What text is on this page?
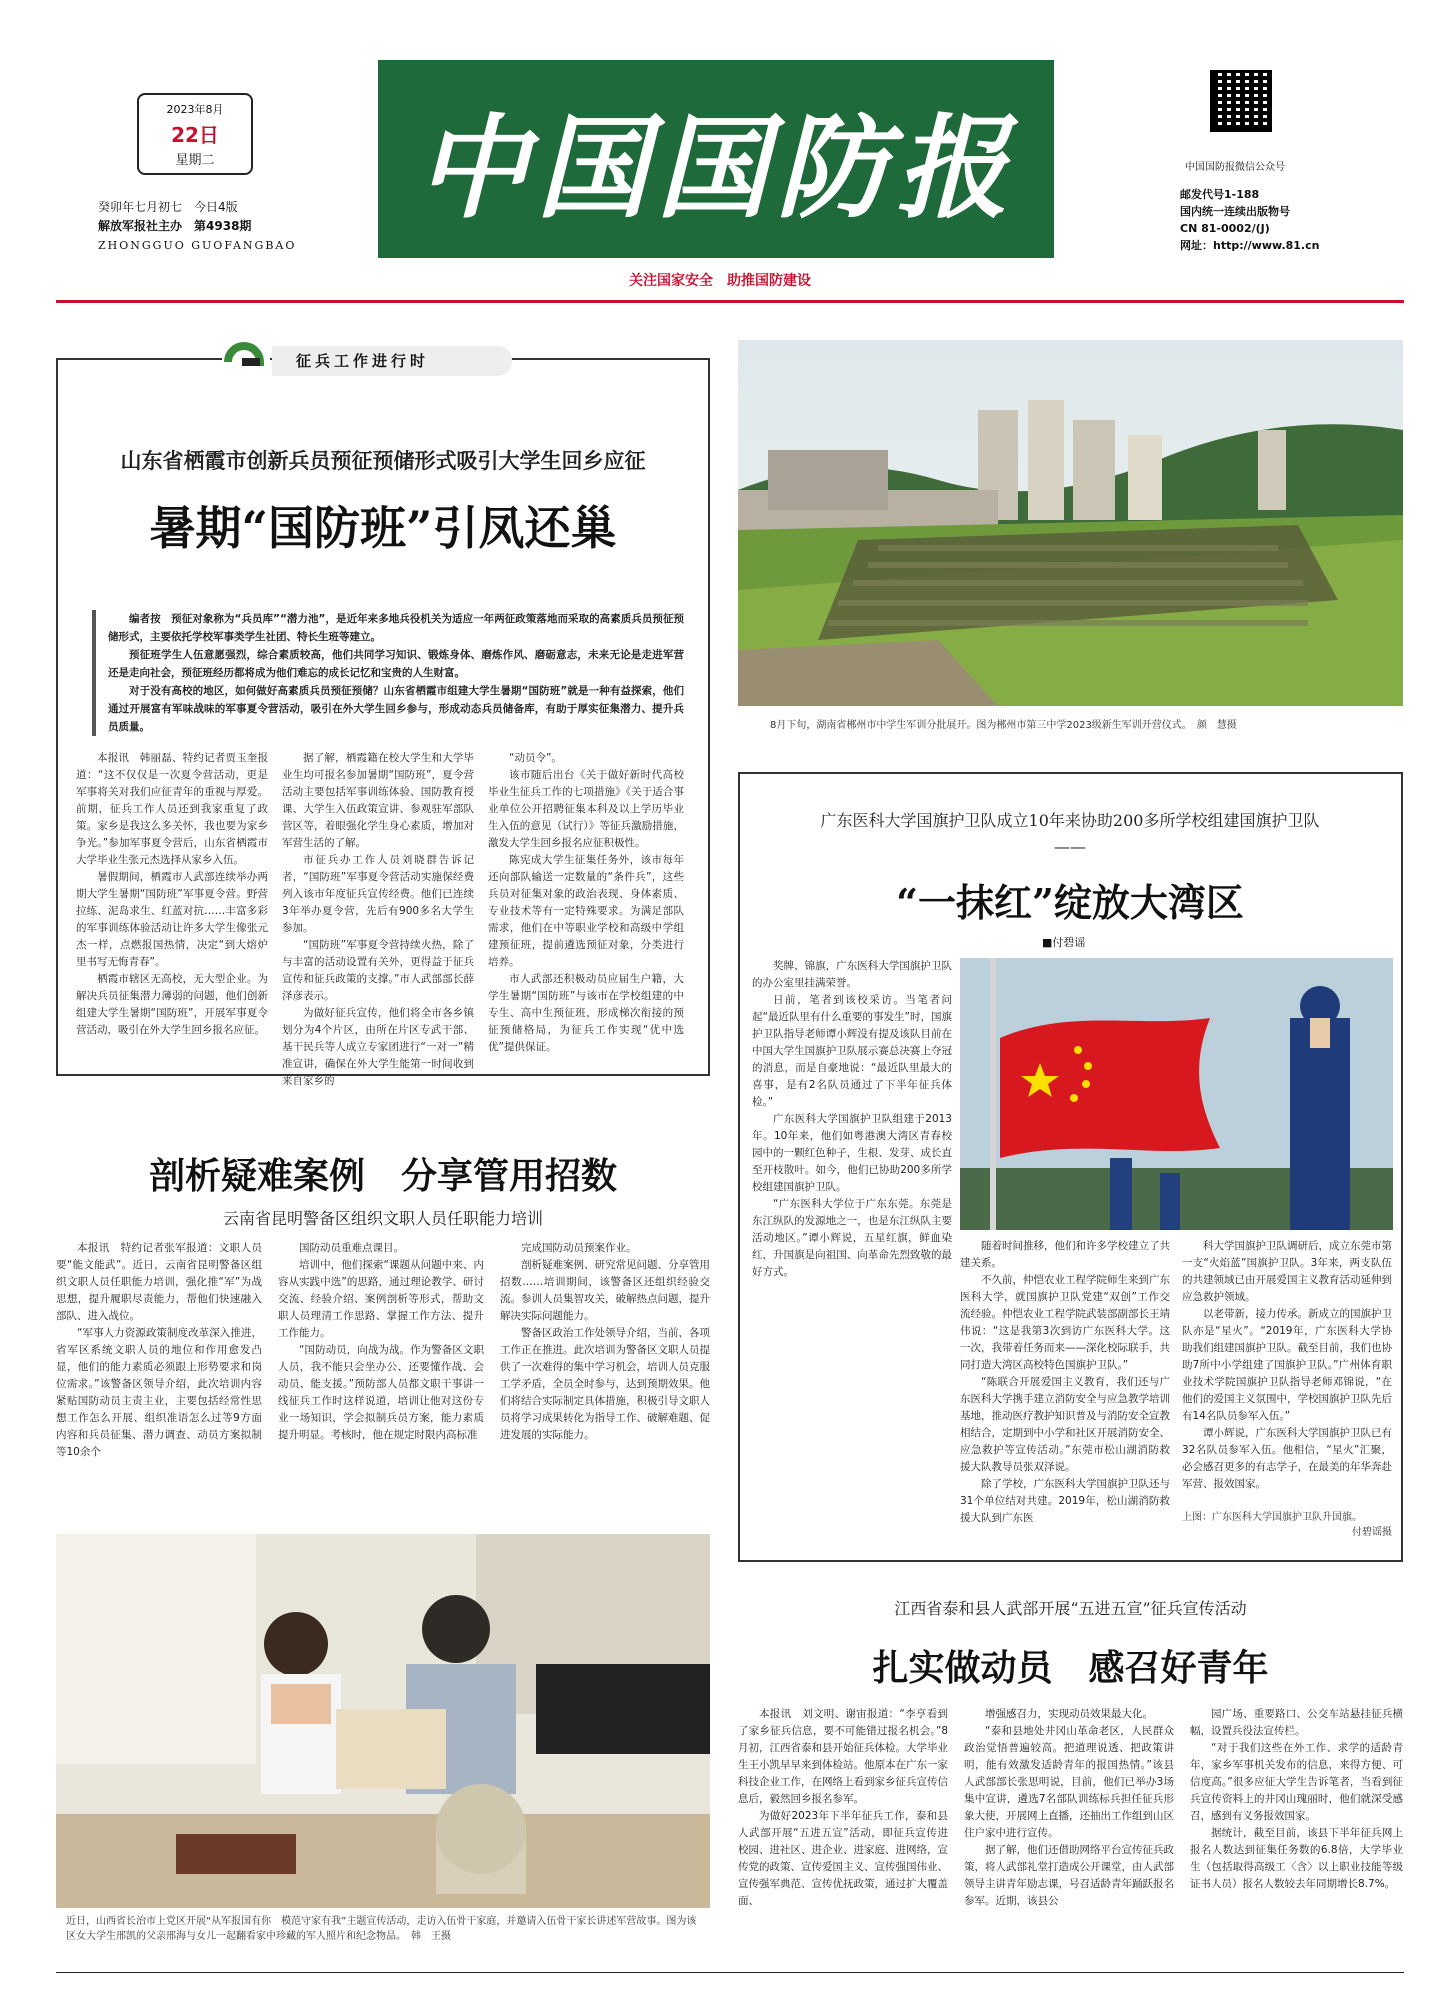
2023年8月
22日
星期二
癸卯年七月初七　 今日4版
解放军报社主办　 第4938期
ZHONGGUO GUOFANGBAO
中国国防报
关注国家安全　助推国防建设
中国国防报微信公众号
邮发代号1-188
国内统一连续出版物号
CN 81-0002/(J)
网址：http://www.81.cn
征兵工作进行时
山东省栖霞市创新兵员预征预储形式吸引大学生回乡应征
暑期“国防班”引凤还巢

编者按　预征对象称为“兵员库”“潜力池”，是近年来多地兵役机关为适应一年两征政策落地而采取的高素质兵员预征预储形式，主要依托学校军事类学生社团、特长生班等建立。

预征班学生人伍意愿强烈，综合素质较高，他们共同学习知识、锻炼身体、磨炼作风、磨砺意志，未来无论是走进军营还是走向社会，预征班经历都将成为他们难忘的成长记忆和宝贵的人生财富。

对于没有高校的地区，如何做好高素质兵员预征预储？山东省栖霞市组建大学生暑期“国防班”就是一种有益探索，他们通过开展富有军味战味的军事夏令营活动，吸引在外大学生回乡参与，形成动态兵员储备库，有助于厚实征集潜力、提升兵员质量。

本报讯　韩丽磊、特约记者贾玉奎报道：“这不仅仅是一次夏令营活动，更是军事将关对我们应征青年的重视与厚爱。前期，征兵工作人员还到我家重复了政策。家乡是我这么多关怀，我也要为家乡争光。”参加军事夏令营后，山东省栖霞市大学毕业生张元杰选择从家乡入伍。

暑假期间，栖霞市人武部连续举办两期大学生暑期“国防班”军事夏令营。野营拉练、泥岛求生、红蓝对抗……丰富多彩的军事训练体验活动让许多大学生像张元杰一样，点燃报国热情，决定“到大熔炉里书写无悔青春”。

栖霞市辖区无高校，无大型企业。为解决兵员征集潜力薄弱的问题，他们创新组建大学生暑期“国防班”，开展军事夏令营活动，吸引在外大学生回乡报名应征。

据了解，栖霞籍在校大学生和大学毕业生均可报名参加暑期“国防班”，夏令营活动主要包括军事训练体验、国防教育授课、大学生入伍政策宣讲、参观驻军部队营区等，着眼强化学生身心素质，增加对军营生活的了解。

市征兵办工作人员刘晓群告诉记者，“国防班”军事夏令营活动实施保经费列入该市年度征兵宣传经费。他们已连续3年举办夏令营，先后有900多名大学生参加。

“国防班”军事夏令营持续火热，除了与丰富的活动设置有关外，更得益于征兵宣传和征兵政策的支撑。”市人武部部长薛泽彦表示。

为做好征兵宣传，他们将全市各乡镇划分为4个片区，由所在片区专武干部、基干民兵等人成立专家团进行“一对一”精准宣讲，确保在外大学生能第一时间收到来自家乡的

“动员令”。

该市随后出台《关于做好新时代高校毕业生征兵工作的七项措施》《关于适合事业单位公开招聘征集本科及以上学历毕业生入伍的意见（试行）》等征兵激励措施，激发大学生回乡报名应征积极性。

陈宪成大学生征集任务外，该市每年还向部队输送一定数量的“条件兵”，这些兵员对征集对象的政治表现、身体素质、专业技术等有一定特殊要求。为满足部队需求，他们在中等职业学校和高级中学组建预征班，提前遴选预征对象，分类进行培养。

市人武部还积极动员应届生户籍，大学生暑期“国防班”与该市在学校组建的中专生、高中生预征班，形成梯次衔接的预征预储格局，为征兵工作实现“优中选优”提供保证。

8月下旬，湖南省郴州市中学生军训分批展开。图为郴州市第三中学2023级新生军训开营仪式。　 颜　慧摄
广东医科大学国旗护卫队成立10年来协助200多所学校组建国旗护卫队——
“一抹红”绽放大湾区
■付碧谣

奖牌、锦旗，广东医科大学国旗护卫队的办公室里挂满荣誉。

日前，笔者到该校采访。当笔者问起“最近队里有什么重要的事发生”时，国旗护卫队指导老师谭小辉没有提及该队目前在中国大学生国旗护卫队展示赛总决赛上夺冠的消息，而是自豪地说：“最近队里最大的喜事，是有2名队员通过了下半年征兵体检。”

广东医科大学国旗护卫队组建于2013年。10年来，他们如粤港澳大湾区青春校园中的一颗红色种子，生根、发芽、成长直至开枝散叶。如今，他们已协助200多所学校组建国旗护卫队。

“广东医科大学位于广东东莞。东莞是东江纵队的发源地之一，也是东江纵队主要活动地区。”谭小辉说，五星红旗，鲜血染红，升国旗是向祖国、向革命先烈致敬的最好方式。

随着时间推移，他们和许多学校建立了共建关系。

不久前，仲恺农业工程学院师生来到广东医科大学，就国旗护卫队党建“双创”工作交流经验。仲恺农业工程学院武装部副部长王靖伟说：“这是我第3次到访广东医科大学。这一次，我带着任务而来——深化校际联手，共同打造大湾区高校特色国旗护卫队。”

“陈联合开展爱国主义教育，我们还与广东医科大学携手建立消防安全与应急教学培训基地，推动医疗教护知识普及与消防安全宣教相结合，定期到中小学和社区开展消防安全、应急救护等宣传活动。”东莞市松山湖消防救援大队教导员张双泽说。

除了学校，广东医科大学国旗护卫队还与31个单位结对共建。2019年，松山湖消防救援大队到广东医

科大学国旗护卫队调研后，成立东莞市第一支“火焰蓝”国旗护卫队。3年来，两支队伍的共建领域已由开展爱国主义教育活动延伸到应急救护领域。

以老带新，接力传承。新成立的国旗护卫队亦是“星火”。“2019年，广东医科大学协助我们组建国旗护卫队。截至目前，我们也协助7所中小学组建了国旗护卫队。”广州体育职业技术学院国旗护卫队指导老师邓锦说，“在他们的爱国主义氛围中，学校国旗护卫队先后有14名队员参军入伍。”

谭小辉说，广东医科大学国旗护卫队已有32名队员参军入伍。他相信，“星火”汇聚，必会感召更多的有志学子，在最美的年华奔赴军营、报效国家。

上图：广东医科大学国旗护卫队升国旗。
付碧谣摄
剖析疑难案例　分享管用招数
云南省昆明警备区组织文职人员任职能力培训

本报讯　特约记者张军报道：文职人员要“能文能武”。近日，云南省昆明警备区组织文职人员任职能力培训，强化推“军”为战思想，提升履职尽责能力，帮他们快速融入部队、进入战位。

“军事人力资源政策制度改革深入推进，省军区系统文职人员的地位和作用愈发凸显，他们的能力素质必须跟上形势要求和岗位需求。”该警备区领导介绍，此次培训内容紧贴国防动员主责主业，主要包括经常性思想工作怎么开展、组织准语怎么过等9方面内容和兵员征集、潜力调查、动员方案拟制等10余个

国防动员重难点课目。

培训中，他们探索“课题从问题中来、内容从实践中选”的思路，通过理论教学、研讨交流、经验介绍、案例剖析等形式，帮助文职人员理清工作思路、掌握工作方法、提升工作能力。

“国防动员，向战为战。作为警备区文职人员，我不能只会坐办公、还要懂作战、会动员、能支援。”预防部人员都文职干事讲一线征兵工作时这样说道，培训让他对这份专业一场知识，学会拟制兵员方案，能力素质提升明显。考核时，他在规定时限内高标准

完成国防动员预案作业。

剖析疑难案例、研究常见问题、分享管用招数……培训期间，该警备区还组织经验交流。参训人员集智攻关，破解热点问题，提升解决实际问题能力。

警备区政治工作处领导介绍，当前，各项工作正在推进。此次培训为警备区文职人员提供了一次难得的集中学习机会，培训人员克服工学矛盾，全员全时参与，达到预期效果。他们将结合实际制定具体措施，积极引导文职人员将学习成果转化为指导工作、破解难题、促进发展的实际能力。

近日，山西省长治市上党区开展“从军报国有你　模范守家有我”主题宣传活动，走访入伍骨干家庭，并邀请入伍骨干家长讲述军营故事。图为该区女大学生邢凯的父亲邢海与女儿一起翻看家中珍藏的军人照片和纪念物品。　 韩　王摄
江西省泰和县人武部开展“五进五宣”征兵宣传活动
扎实做动员　感召好青年

本报讯　刘文明、谢宙报道：“李亨看到了家乡征兵信息，要不可能错过报名机会。”8月初，江西省泰和县开始征兵体检。大学毕业生王小凯早早来到体检站。他原本在广东一家科技企业工作，在网络上看到家乡征兵宣传信息后，毅然回乡报名参军。

为做好2023年下半年征兵工作，泰和县人武部开展“五进五宣”活动，即征兵宣传进校园、进社区、进企业、进家庭、进网络，宣传党的政策、宣传爱国主义、宣传强国伟业、宣传强军典范、宣传优抚政策，通过扩大覆盖面、

增强感召力，实现动员效果最大化。

“泰和县地处井冈山革命老区，人民群众政治觉悟普遍较高。把道理说透、把政策讲明，能有效激发适龄青年的报国热情。”该县人武部部长张思明说，目前，他们已举办3场集中宣讲，遴选7名部队训练标兵担任征兵形象大使，开展网上直播，还抽出工作组到山区住户家中进行宣传。

据了解，他们还借助网络平台宣传征兵政策，将人武部礼堂打造成公开课堂，由人武部领导主讲青年励志课，号召适龄青年踊跃报名参军。近期，该县公

园广场、重要路口、公交车站悬挂征兵横幅，设置兵役法宣传栏。

“对于我们这些在外工作、求学的适龄青年，家乡军事机关发布的信息，来得方便、可信度高。”很多应征大学生告诉笔者，当看到征兵宣传资料上的井冈山瑰丽时，他们就深受感召，感到有义务报效国家。

据统计，截至目前，该县下半年征兵网上报名人数达到征集任务数的6.8倍，大学毕业生（包括取得高级工〈含〉以上职业技能等级证书人员）报名人数较去年同期增长8.7%。
